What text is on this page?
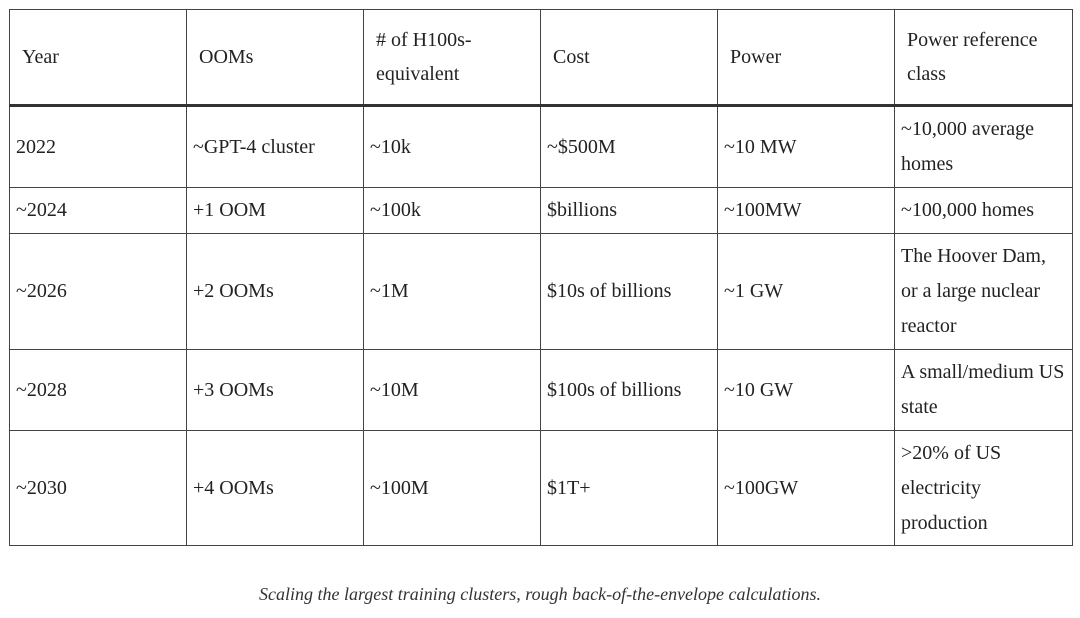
Year	OOMs	# of H100s-equivalent	Cost	Power	Power reference class
2022	~GPT-4 cluster	~10k	~$500M	~10 MW	~10,000 average homes
~2024	+1 OOM	~100k	$billions	~100MW	~100,000 homes
~2026	+2 OOMs	~1M	$10s of billions	~1 GW	The Hoover Dam, or a large nuclear reactor
~2028	+3 OOMs	~10M	$100s of billions	~10 GW	A small/medium US state
~2030	+4 OOMs	~100M	$1T+	~100GW	>20% of US electricity production
Scaling the largest training clusters, rough back-of-the-envelope calculations.
